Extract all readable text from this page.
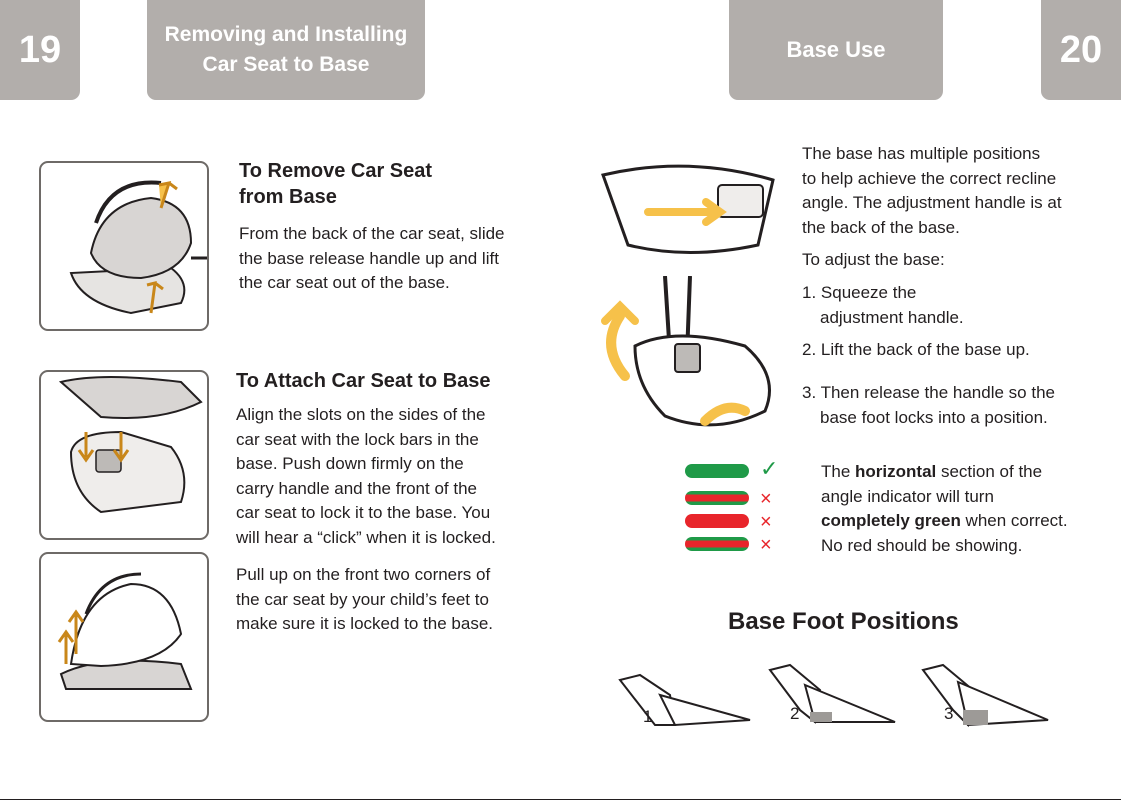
19	Removing and Installing
Car Seat to Base
Base Use	20
To Remove Car Seat
from Base
From the back of the car seat, slide
the base release handle up and lift
the car seat out of the base.
To Attach Car Seat to Base
Align the slots on the sides of the
car seat with the lock bars in the
base. Push down firmly on the
carry handle and the front of the
car seat to lock it to the base. You
will hear a “click” when it is locked.
Pull up on the front two corners of
the car seat by your child’s feet to
make sure it is locked to the base.
The base has multiple positions
to help achieve the correct recline
angle. The adjustment handle is at
the back of the base.
To adjust the base:
1. Squeeze the
adjustment handle.
2. Lift the back of the base up.
3. Then release the handle so the
base foot locks into a position.
✓
×
×
×
The horizontal section of the
angle indicator will turn
completely green when correct.
No red should be showing.
Base Foot Positions
1	2	3
